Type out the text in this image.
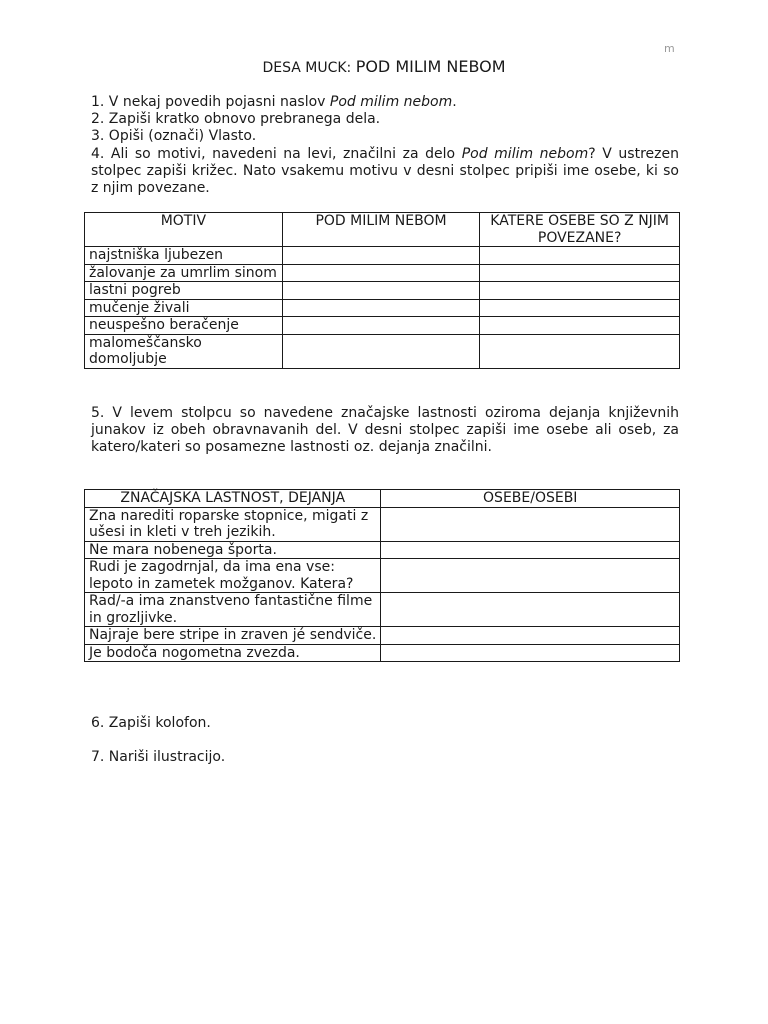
m
DESA MUCK: POD MILIM NEBOM

1. V nekaj povedih pojasni naslov Pod milim nebom.

2. Zapiši kratko obnovo prebranega dela.

3. Opiši (označi) Vlasto.

4. Ali so motivi, navedeni na levi, značilni za delo Pod milim nebom? V ustrezen stolpec zapiši križec. Nato vsakemu motivu v desni stolpec pripiši ime osebe, ki so z njim povezane.

MOTIV	POD MILIM NEBOM	KATERE OSEBE SO Z NJIM POVEZANE?
najstniška ljubezen		
žalovanje za umrlim sinom		
lastni pogreb		
mučenje živali		
neuspešno beračenje		
malomeščansko domoljubje		

5. V levem stolpcu so navedene značajske lastnosti oziroma dejanja književnih junakov iz obeh obravnavanih del. V desni stolpec zapiši ime osebe ali oseb, za katero/kateri so posamezne lastnosti oz. dejanja značilni.

ZNAČAJSKA LASTNOST, DEJANJA	OSEBE/OSEBI
Zna narediti roparske stopnice, migati z ušesi in kleti v treh jezikih.	
Ne mara nobenega športa.	
Rudi je zagodrnjal, da ima ena vse: lepoto in zametek možganov. Katera?	
Rad/-a ima znanstveno fantastične filme in grozljivke.	
Najraje bere stripe in zraven jé sendviče.	
Je bodoča nogometna zvezda.	

6. Zapiši kolofon.

7. Nariši ilustracijo.
